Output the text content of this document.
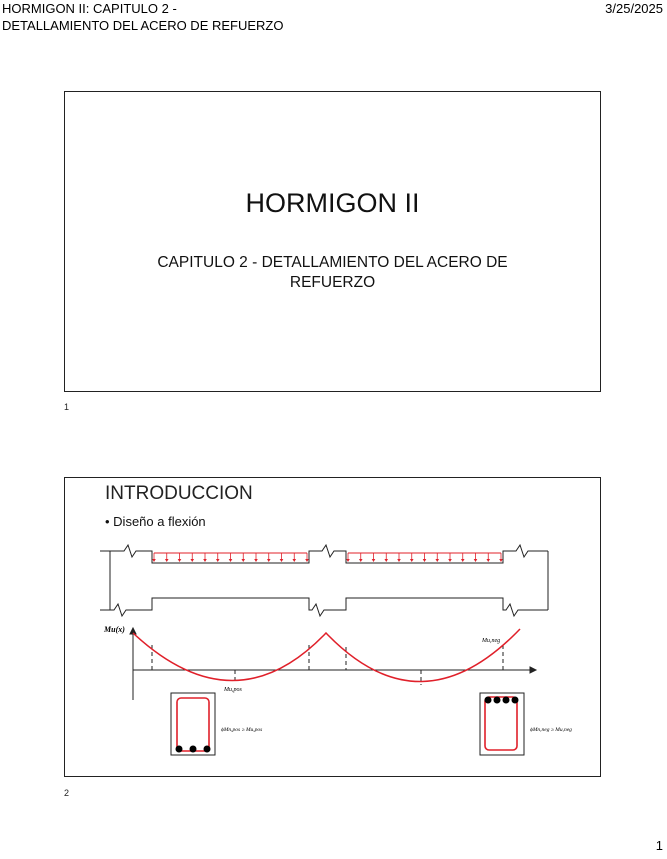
HORMIGON II: CAPITULO 2 -
DETALLAMIENTO DEL ACERO DE REFUERZO
3/25/2025
HORMIGON II
CAPITULO 2 - DETALLAMIENTO DEL ACERO DE REFUERZO
1
INTRODUCCION
• Diseño a flexión
Mu(x)
Mu,neg
Mu,pos
ϕMn,pos ≥ Mu,pos	ϕMn,neg ≥ Mu,neg
2
1
